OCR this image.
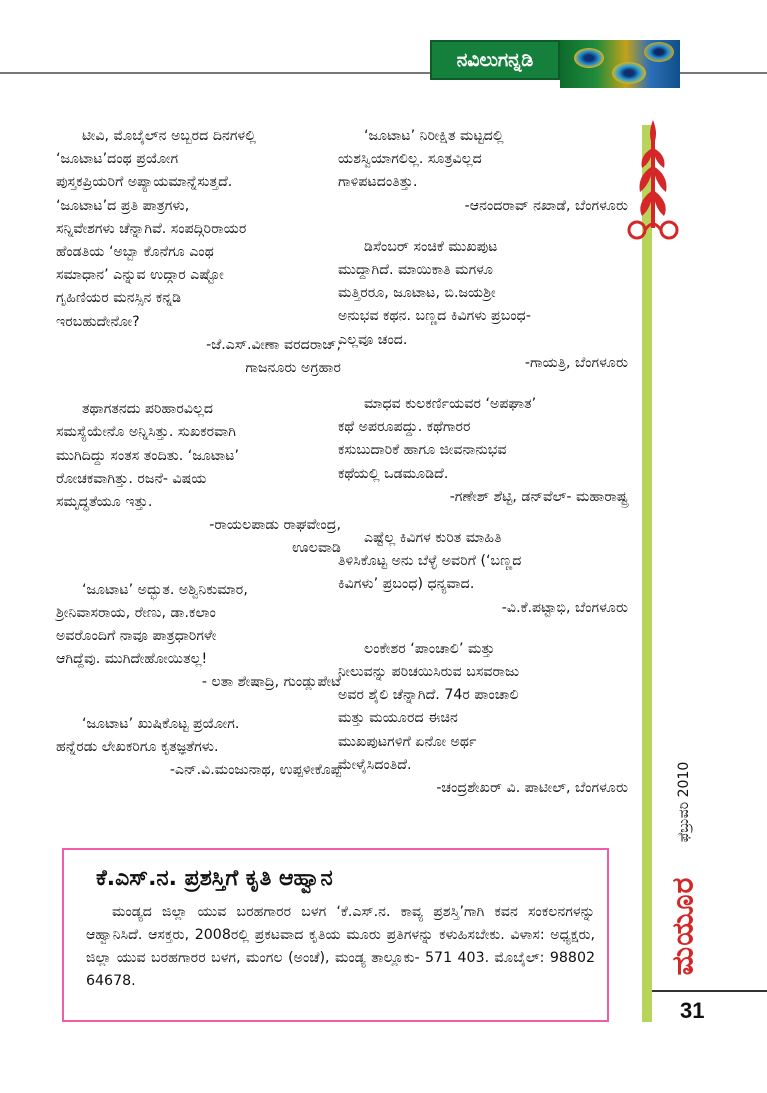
ನವಿಲುಗನ್ನಡಿ
ಫೆಬ್ರುವರಿ 2010
ಮಯೂರ
31

ಟೀವಿ, ಮೊಬೈಲ್‌ನ ಅಬ್ಬರದ ದಿನಗಳಲ್ಲಿ

‘ಜೂಟಾಟ’ದಂಥ ಪ್ರಯೋಗ

ಪುಸ್ತಕಪ್ರಿಯರಿಗೆ ಅಪ್ಯಾಯಮಾನ್ನೆಸುತ್ತದೆ.

‘ಜೂಟಾಟ’ದ ಪ್ರತಿ ಪಾತ್ರಗಳು,

ಸನ್ನಿವೇಶಗಳು ಚೆನ್ನಾಗಿವೆ. ಸಂಪದ್ಗಿರಿರಾಯರ

ಹೆಂಡತಿಯ ‘ಅಬ್ಬಾ ಕೊನೆಗೂ ಎಂಥ

ಸಮಾಧಾನ’ ಎನ್ನುವ ಉದ್ಗಾರ ಎಷ್ಟೋ

ಗೃಹಿಣಿಯರ ಮನಸ್ಸಿನ ಕನ್ನಡಿ

ಇರಬಹುದೇನೋ?

-ಜೆ.ಎಸ್.ವೀಣಾ ವರದರಾಜ್,
ಗಾಜನೂರು ಅಗ್ರಹಾರ

ತಥಾಗತನದು ಪರಿಹಾರವಿಲ್ಲದ

ಸಮಸ್ಯೆಯೇನೊ ಅನ್ನಿಸಿತ್ತು. ಸುಖಕರವಾಗಿ

ಮುಗಿದಿದ್ದು ಸಂತಸ ತಂದಿತು. ‘ಜೂಟಾಟ’

ರೋಚಕವಾಗಿತ್ತು. ರಜನೆ- ವಿಷಯ

ಸಮೃದ್ಧತೆಯೂ ಇತ್ತು.

-ರಾಯಲಪಾಡು ರಾಘವೇಂದ್ರ,
ಊಲವಾಡಿ

‘ಜೂಟಾಟ’ ಅದ್ಭುತ. ಅಶ್ವಿನಿಕುಮಾರ,

ಶ್ರೀನಿವಾಸರಾಯ, ರೇಣು, ಡಾ.ಕಲಾಂ

ಅವರೊಂದಿಗೆ ನಾವೂ ಪಾತ್ರಧಾರಿಗಳೇ

ಆಗಿದ್ದೆವು. ಮುಗಿದೇಹೋಯಿತಲ್ಲ!

- ಲತಾ ಶೇಷಾದ್ರಿ, ಗುಂಡ್ಲುಪೇಟೆ

‘ಜೂಟಾಟ’ ಖುಷಿಕೊಟ್ಟ ಪ್ರಯೋಗ.

ಹನ್ನೆರಡು ಲೇಖಕರಿಗೂ ಕೃತಜ್ಞತೆಗಳು.

-ಎನ್.ವಿ.ಮಂಜುನಾಥ, ಉಪ್ಪಳೀಕೊಪ್ಪ

‘ಜೂಟಾಟ’ ನಿರೀಕ್ಷಿತ ಮಟ್ಟದಲ್ಲಿ

ಯಶಸ್ವಿಯಾಗಲಿಲ್ಲ. ಸೂತ್ರವಿಲ್ಲದ

ಗಾಳಿಪಟದಂತಿತ್ತು.

-ಆನಂದರಾವ್ ನಖಾಡೆ, ಬೆಂಗಳೂರು

ಡಿಸೆಂಬರ್ ಸಂಚಿಕೆ ಮುಖಪುಟ

ಮುದ್ದಾಗಿದೆ. ಮಾಯಿಕಾತಿ ಮಗಳೂ

ಮತ್ತಿರರೂ, ಜೂಟಾಟ, ಬಿ.ಜಯಶ್ರೀ

ಅನುಭವ ಕಥನ. ಬಣ್ಣದ ಕಿವಿಗಳು ಪ್ರಬಂಧ-

ಎಲ್ಲವೂ ಚಂದ.

-ಗಾಯತ್ರಿ, ಬೆಂಗಳೂರು

ಮಾಧವ ಕುಲಕರ್ಣಿಯವರ ‘ಅಪಘಾತ’

ಕಥೆ ಅಪರೂಪದ್ದು. ಕಥೆಗಾರರ

ಕಸುಬುದಾರಿಕೆ ಹಾಗೂ ಜೀವನಾನುಭವ

ಕಥೆಯಲ್ಲಿ ಒಡಮೂಡಿದೆ.

-ಗಣೇಶ್ ಶೆಟ್ಟಿ, ಡನ್‌ವೆಲ್- ಮಹಾರಾಷ್ಟ್ರ

ಎಷ್ಟೆಲ್ಲ ಕಿವಿಗಳ ಕುರಿತ ಮಾಹಿತಿ

ತಿಳಿಸಿಕೊಟ್ಟ ಅನು ಬೆಳ್ಳೆ ಅವರಿಗೆ (‘ಬಣ್ಣದ

ಕಿವಿಗಳು’ ಪ್ರಬಂಧ) ಧನ್ಯವಾದ.

-ವಿ.ಕೆ.ಪಟ್ಟಾಭಿ, ಬೆಂಗಳೂರು

ಲಂಕೇಶರ ‘ಪಾಂಚಾಲಿ’ ಮತ್ತು

ನೀಲುವನ್ನು ಪರಿಚಯಿಸಿರುವ ಬಸವರಾಜು

ಅವರ ಶೈಲಿ ಚೆನ್ನಾಗಿದೆ. 74ರ ಪಾಂಚಾಲಿ

ಮತ್ತು ಮಯೂರದ ಈಚಿನ

ಮುಖಪುಟಗಳಿಗೆ ಏನೋ ಅರ್ಥ

ಮೇಳೈಸಿದಂತಿದೆ.

-ಚಂದ್ರಶೇಖರ್ ವಿ. ಪಾಟೀಲ್, ಬೆಂಗಳೂರು
ಕೆ.ಎಸ್.ನ. ಪ್ರಶಸ್ತಿಗೆ ಕೃತಿ ಆಹ್ವಾನ

ಮಂಡ್ಯದ ಜಿಲ್ಲಾ ಯುವ ಬರಹಗಾರರ ಬಳಗ ‘ಕೆ.ಎಸ್.ನ. ಕಾವ್ಯ ಪ್ರಶಸ್ತಿ’ಗಾಗಿ ಕವನ ಸಂಕಲನಗಳನ್ನು ಆಹ್ವಾನಿಸಿದೆ. ಆಸಕ್ತರು, 2008ರಲ್ಲಿ ಪ್ರಕಟವಾದ ಕೃತಿಯ ಮೂರು ಪ್ರತಿಗಳನ್ನು ಕಳುಹಿಸಬೇಕು. ವಿಳಾಸ: ಅಧ್ಯಕ್ಷರು, ಜಿಲ್ಲಾ ಯುವ ಬರಹಗಾರರ ಬಳಗ, ಮಂಗಲ (ಅಂಚೆ), ಮಂಡ್ಯ ತಾಲ್ಲೂಕು- 571 403. ಮೊಬೈಲ್: 98802 64678.
